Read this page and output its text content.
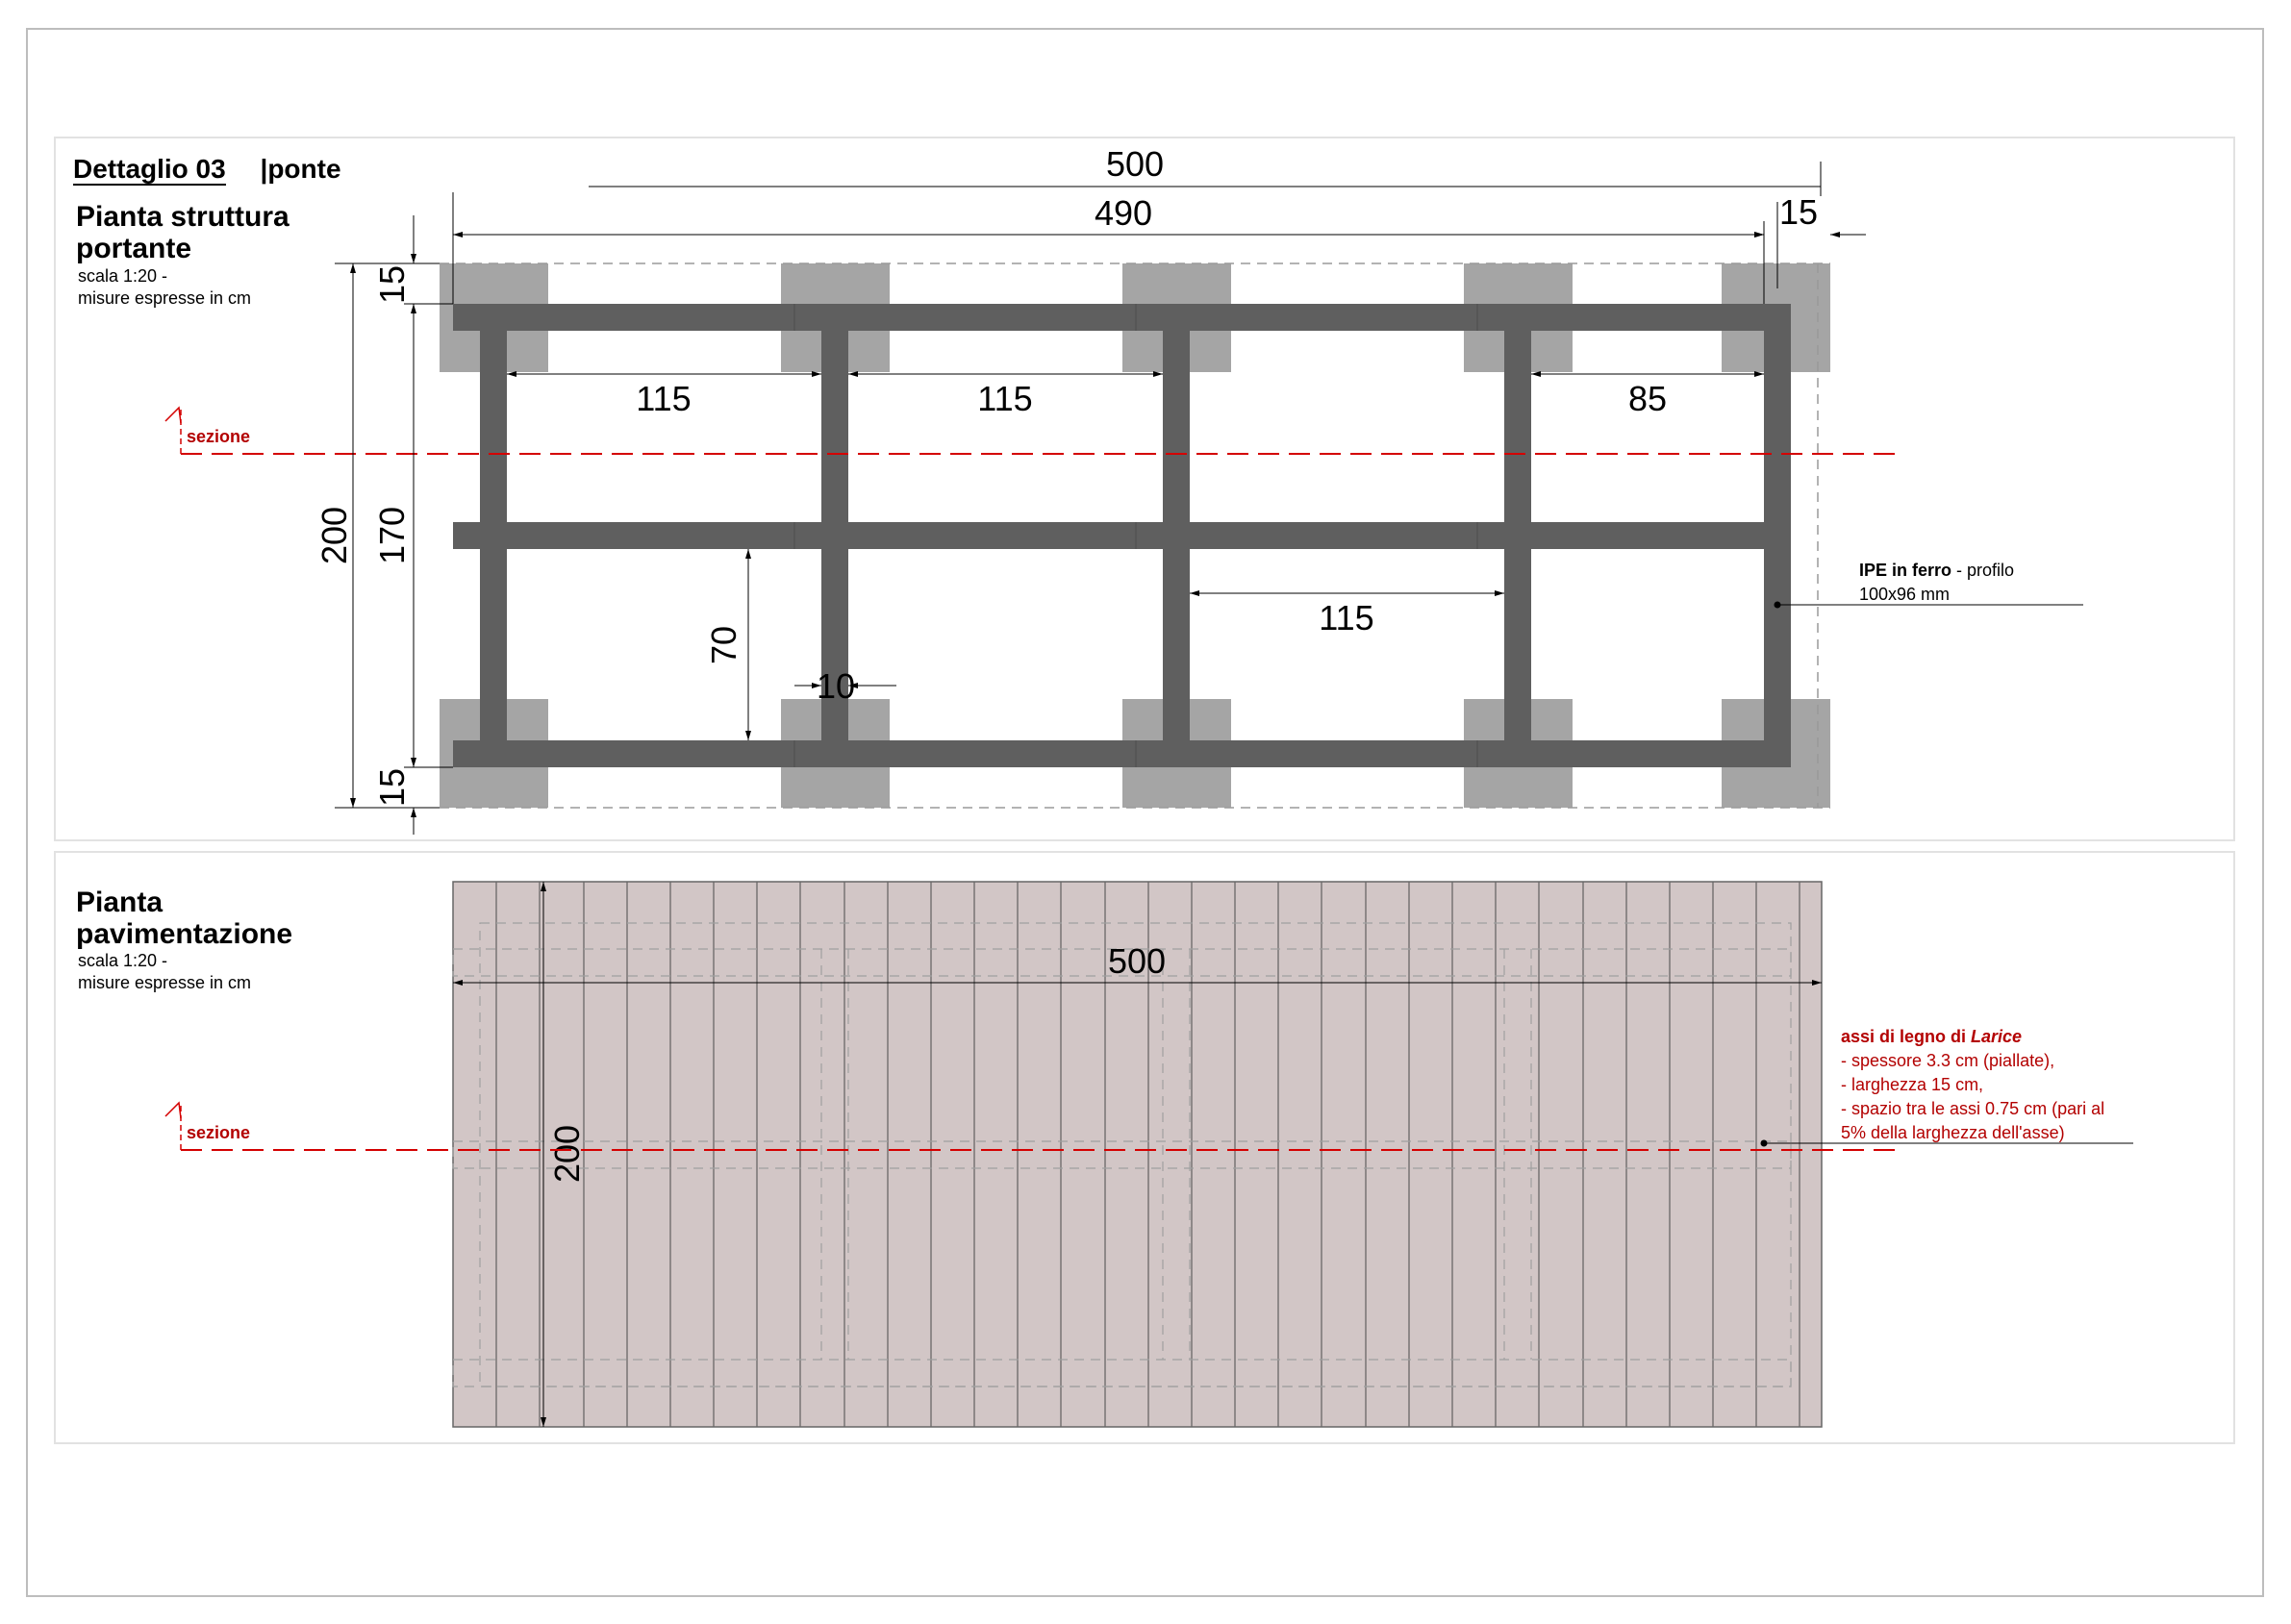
sezione
500
490	15
115	115	85
115
200 170
15
15
70
10
500
200
sezione
Dettaglio 03 |ponte
Pianta struttura
portante
scala 1:20 -
misure espresse in cm
IPE in ferro - profilo
100x96 mm
Pianta
pavimentazione
scala 1:20 -
misure espresse in cm
assi di legno di Larice
- spessore 3.3 cm (piallate),
- larghezza 15 cm,
- spazio tra le assi 0.75 cm (pari al
5% della larghezza dell'asse)
